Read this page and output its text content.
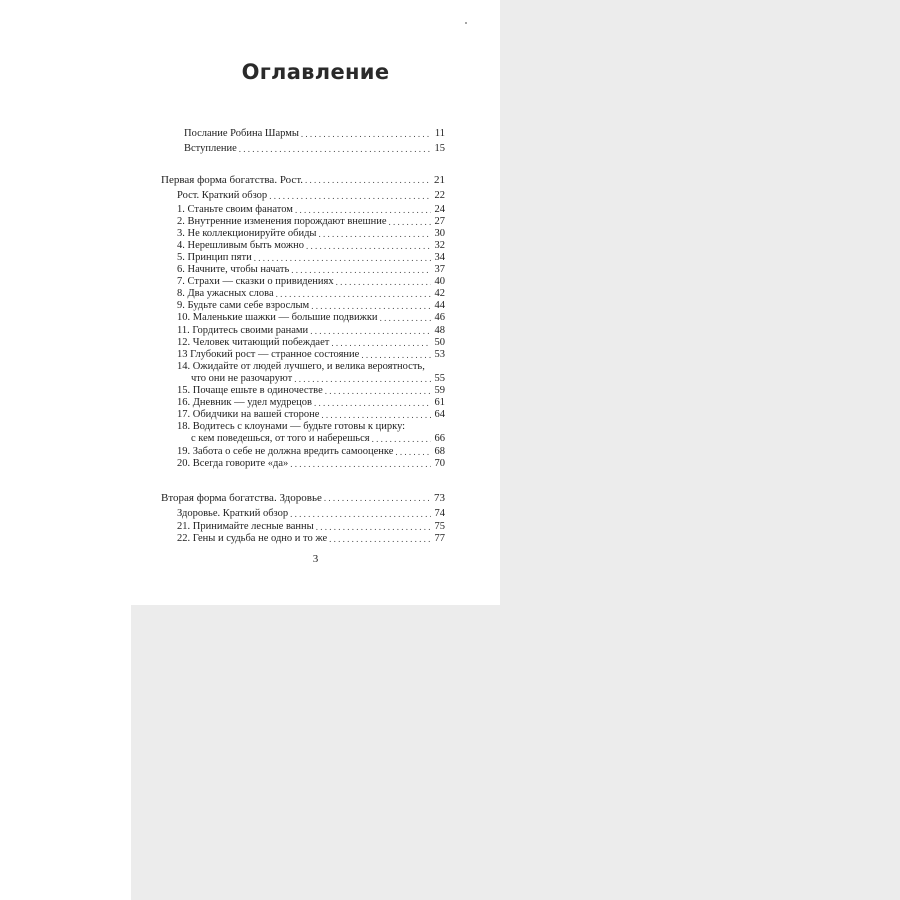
Оглавление
Послание Робина Шармы . . .	11
Вступление . . .	15
Первая форма богатства. Рост. . . .	21
Рост. Краткий обзор . . .	22
1. Станьте своим фанатом . . .	24
2. Внутренние изменения порождают внешние . . .	27
3. Не коллекционируйте обиды . . .	30
4. Нерешливым быть можно . . .	32
5. Принцип пяти . . .	34
6. Начните, чтобы начать . . .	37
7. Страхи — сказки о привидениях . . .	40
8. Два ужасных слова . . .	42
9. Будьте сами себе взрослым . . .	44
10. Маленькие шажки — большие подвижки . . .	46
11. Гордитесь своими ранами . . .	48
12. Человек читающий побеждает . . .	50
13 Глубокий рост — странное состояние . . .	53
14. Ожидайте от людей лучшего, и велика вероятность,
что они не разочаруют . . .	55
15. Почаще ешьте в одиночестве . . .	59
16. Дневник — удел мудрецов . . .	61
17. Обидчики на вашей стороне . . .	64
18. Водитесь с клоунами — будьте готовы к цирку:
с кем поведешься, от того и наберешься . . .	66
19. Забота о себе не должна вредить самооценке . . .	68
20. Всегда говорите «да» . . .	70
Вторая форма богатства. Здоровье . . .	73
Здоровье. Краткий обзор . . .	74
21. Принимайте лесные ванны . . .	75
22. Гены и судьба не одно и то же . . .	77
3
